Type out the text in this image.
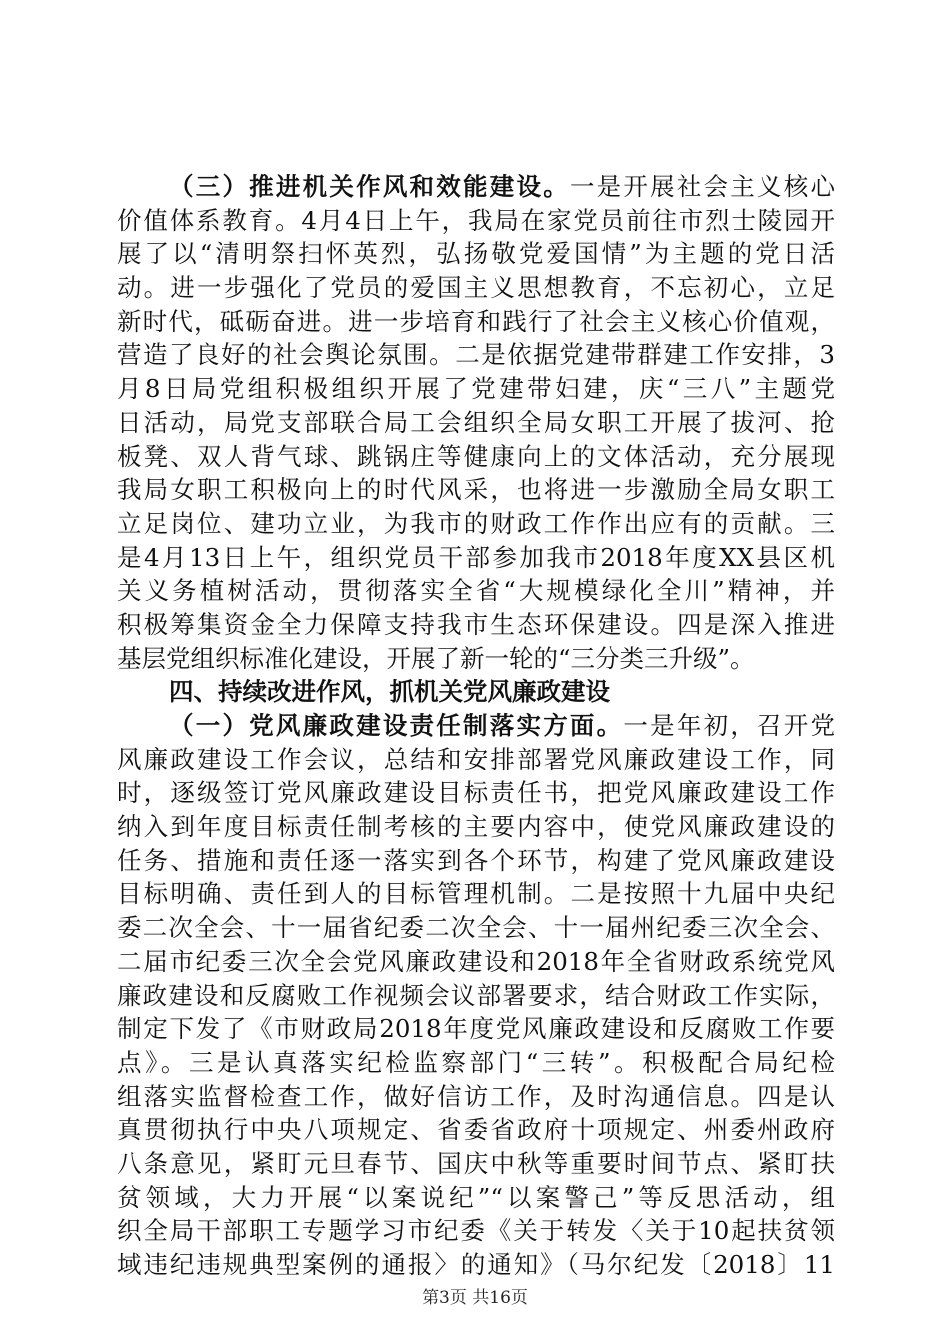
（三）推进机关作风和效能建设。一是开展社会主义核心
价值体系教育。4月4日上午，我局在家党员前往市烈士陵园开
展了以“清明祭扫怀英烈，弘扬敬党爱国情”为主题的党日活
动。进一步强化了党员的爱国主义思想教育，不忘初心，立足
新时代，砥砺奋进。进一步培育和践行了社会主义核心价值观，
营造了良好的社会舆论氛围。二是依据党建带群建工作安排，3
月8日局党组积极组织开展了党建带妇建，庆“三八”主题党
日活动，局党支部联合局工会组织全局女职工开展了拔河、抢
板凳、双人背气球、跳锅庄等健康向上的文体活动，充分展现
我局女职工积极向上的时代风采，也将进一步激励全局女职工
立足岗位、建功立业，为我市的财政工作作出应有的贡献。三
是4月13日上午，组织党员干部参加我市2018年度XX县区机
关义务植树活动，贯彻落实全省“大规模绿化全川”精神，并
积极筹集资金全力保障支持我市生态环保建设。四是深入推进
基层党组织标准化建设，开展了新一轮的“三分类三升级”。
四、持续改进作风，抓机关党风廉政建设
（一）党风廉政建设责任制落实方面。一是年初，召开党
风廉政建设工作会议，总结和安排部署党风廉政建设工作，同
时，逐级签订党风廉政建设目标责任书，把党风廉政建设工作
纳入到年度目标责任制考核的主要内容中，使党风廉政建设的
任务、措施和责任逐一落实到各个环节，构建了党风廉政建设
目标明确、责任到人的目标管理机制。二是按照十九届中央纪
委二次全会、十一届省纪委二次全会、十一届州纪委三次全会、
二届市纪委三次全会党风廉政建设和2018年全省财政系统党风
廉政建设和反腐败工作视频会议部署要求，结合财政工作实际，
制定下发了《市财政局2018年度党风廉政建设和反腐败工作要
点》。三是认真落实纪检监察部门“三转”。积极配合局纪检
组落实监督检查工作，做好信访工作，及时沟通信息。四是认
真贯彻执行中央八项规定、省委省政府十项规定、州委州政府
八条意见，紧盯元旦春节、国庆中秋等重要时间节点、紧盯扶
贫领域，大力开展“以案说纪”“以案警己”等反思活动，组
织全局干部职工专题学习市纪委《关于转发〈关于10起扶贫领
域违纪违规典型案例的通报〉的通知》（马尔纪发〔2018〕11
第3页 共16页
